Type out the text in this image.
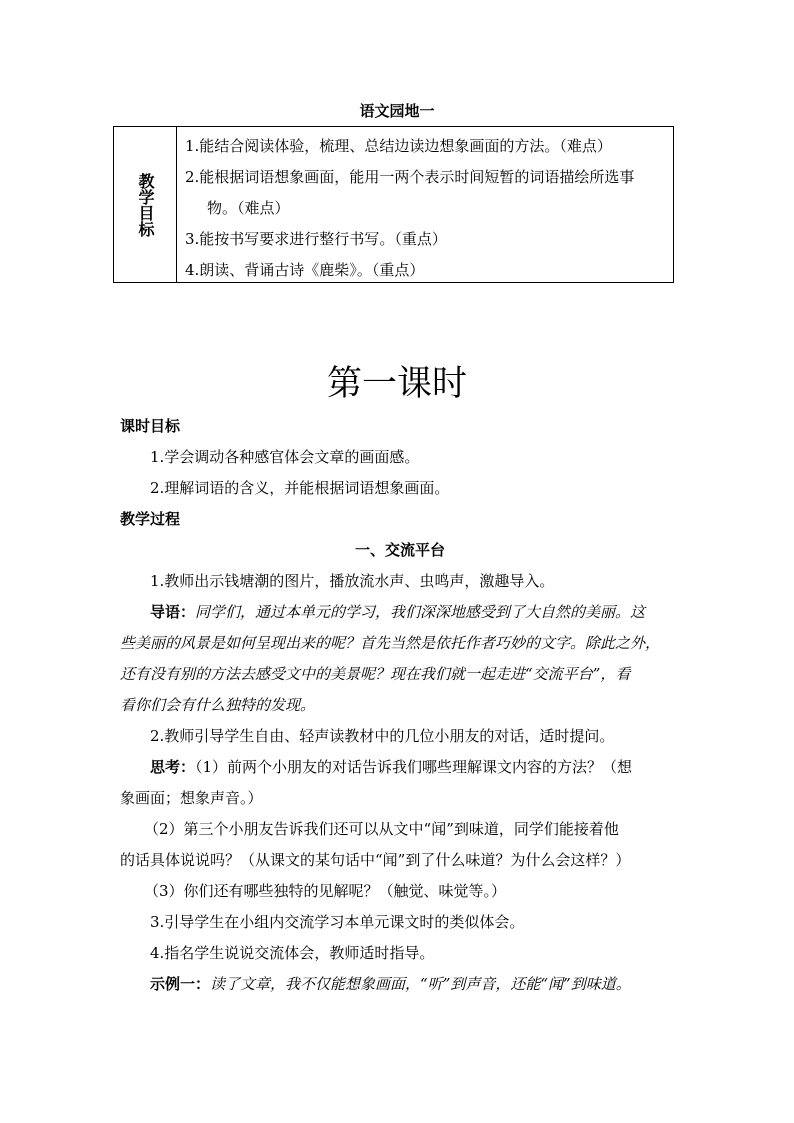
语文园地一
教学目标
1.能结合阅读体验，梳理、总结边读边想象画面的方法。（难点）
2.能根据词语想象画面，能用一两个表示时间短暂的词语描绘所选事
物。（难点）
3.能按书写要求进行整行书写。（重点）
4.朗读、背诵古诗《鹿柴》。（重点）
第一课时
课时目标
1.学会调动各种感官体会文章的画面感。
2.理解词语的含义，并能根据词语想象画面。
教学过程
一、交流平台
1.教师出示钱塘潮的图片，播放流水声、虫鸣声，激趣导入。
导语：同学们，通过本单元的学习，我们深深地感受到了大自然的美丽。这
些美丽的风景是如何呈现出来的呢？首先当然是依托作者巧妙的文字。除此之外，
还有没有别的方法去感受文中的美景呢？现在我们就一起走进“交流平台”，看
看你们会有什么独特的发现。
2.教师引导学生自由、轻声读教材中的几位小朋友的对话，适时提问。
思考：（1）前两个小朋友的对话告诉我们哪些理解课文内容的方法？（想
象画面；想象声音。）
（2）第三个小朋友告诉我们还可以从文中“闻”到味道，同学们能接着他
的话具体说说吗？（从课文的某句话中“闻”到了什么味道？为什么会这样？）
（3）你们还有哪些独特的见解呢？（触觉、味觉等。）
3.引导学生在小组内交流学习本单元课文时的类似体会。
4.指名学生说说交流体会，教师适时指导。
示例一：读了文章，我不仅能想象画面，“听”到声音，还能“闻”到味道。
